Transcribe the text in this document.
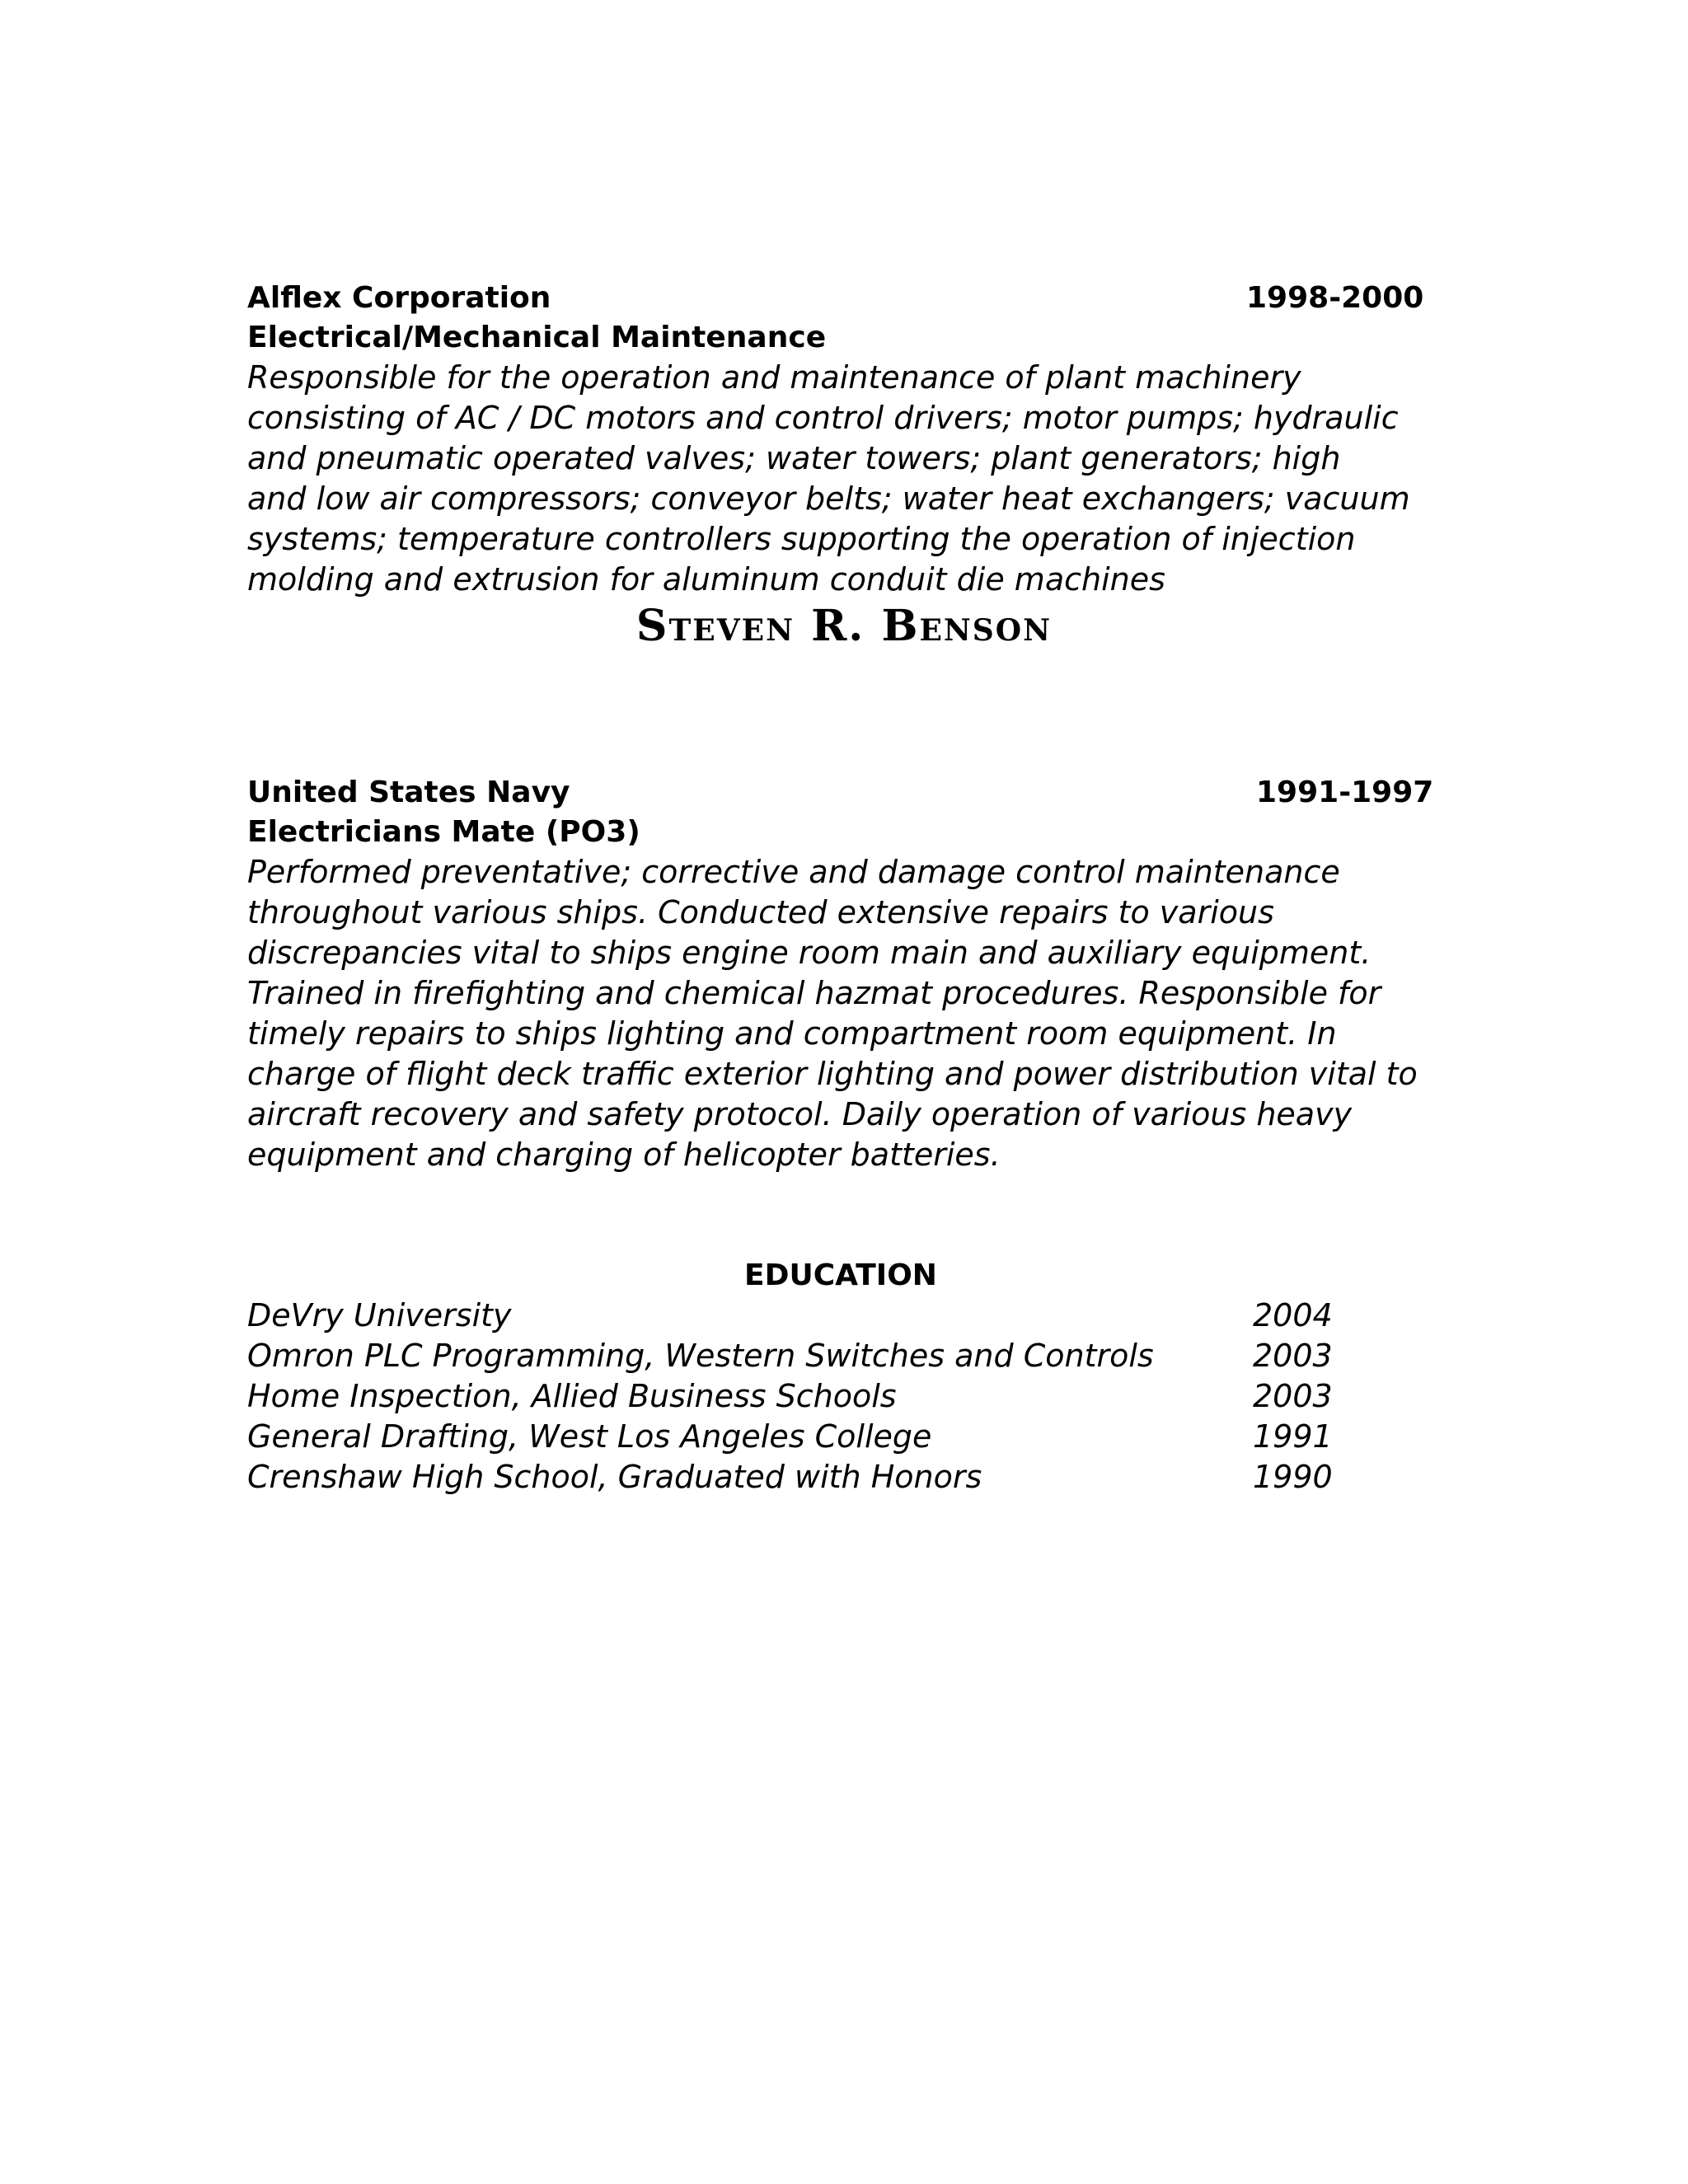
Alflex Corporation	1998-2000
Electrical/Mechanical Maintenance
Responsible for the operation and maintenance of plant machinery
consisting of AC / DC motors and control drivers; motor pumps; hydraulic
and pneumatic operated valves; water towers; plant generators; high
and low air compressors; conveyor belts; water heat exchangers; vacuum
systems; temperature controllers supporting the operation of injection
molding and extrusion for aluminum conduit die machines
Steven R. Benson
United States Navy	1991-1997
Electricians Mate (PO3)
Performed preventative; corrective and damage control maintenance
throughout various ships. Conducted extensive repairs to various
discrepancies vital to ships engine room main and auxiliary equipment.
Trained in firefighting and chemical hazmat procedures. Responsible for
timely repairs to ships lighting and compartment room equipment. In
charge of flight deck traffic exterior lighting and power distribution vital to
aircraft recovery and safety protocol. Daily operation of various heavy
equipment and charging of helicopter batteries.
EDUCATION
DeVry University	2004
Omron PLC Programming, Western Switches and Controls	2003
Home Inspection, Allied Business Schools	2003
General Drafting, West Los Angeles College	1991
Crenshaw High School, Graduated with Honors	1990
